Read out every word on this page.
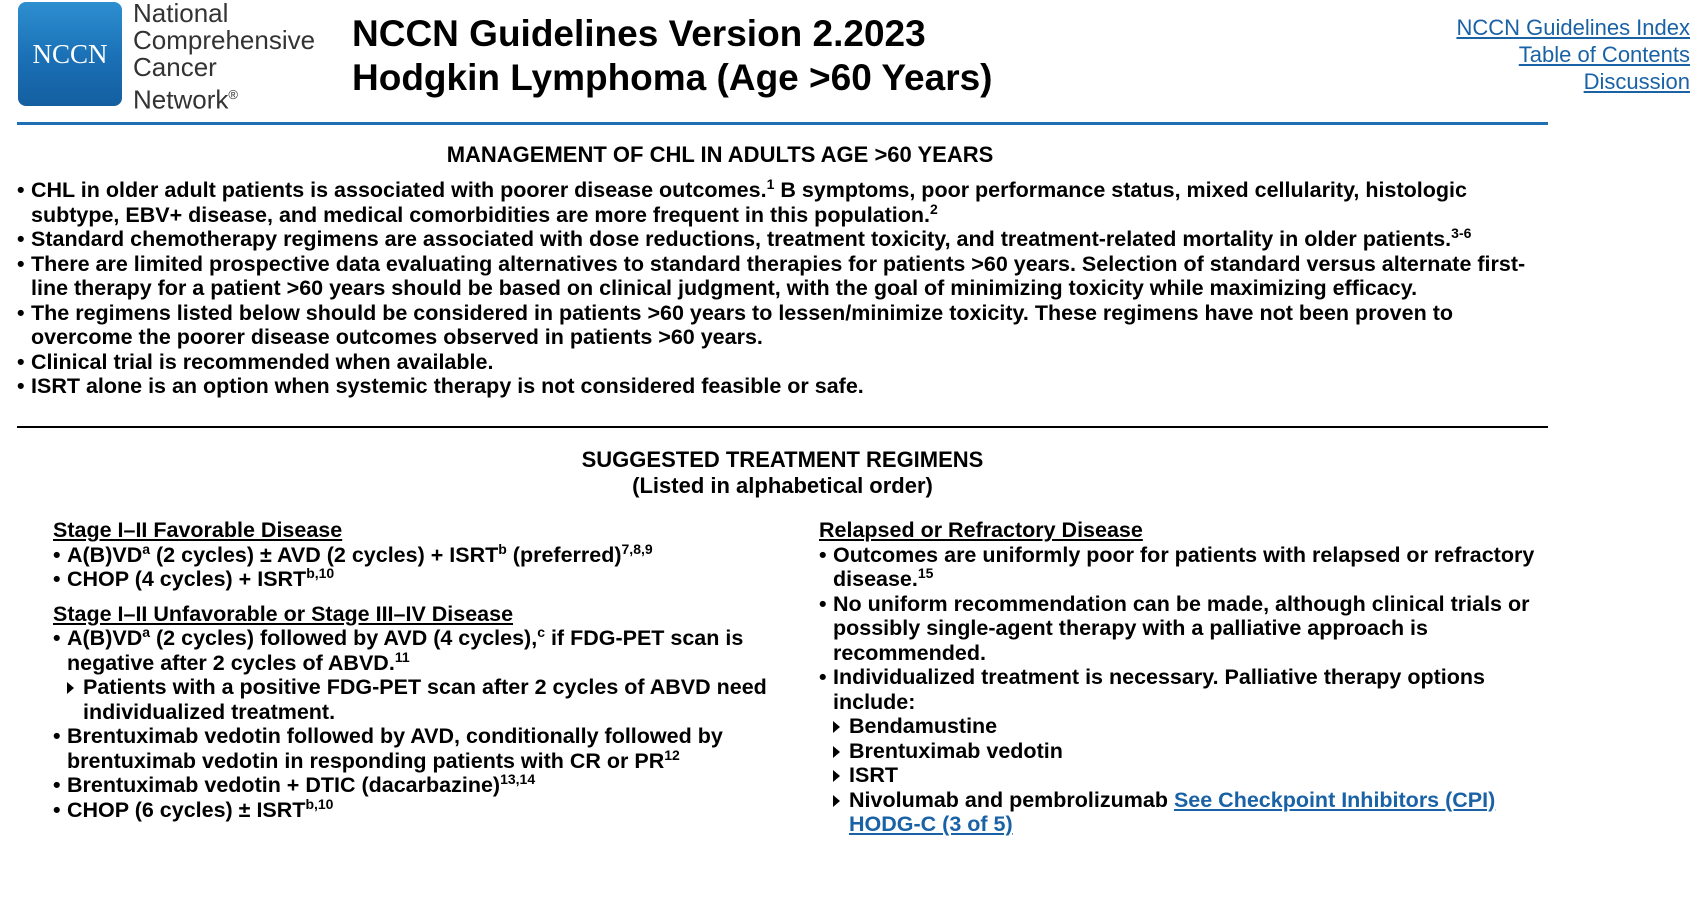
NCCN
National
Comprehensive
Cancer
Network®
NCCN Guidelines Version 2.2023
Hodgkin Lymphoma (Age >60 Years)
NCCN Guidelines Index
Table of Contents
Discussion
MANAGEMENT OF CHL IN ADULTS AGE >60 YEARS
• CHL in older adult patients is associated with poorer disease outcomes.$^1$ B symptoms, poor performance status, mixed cellularity, histologic subtype, EBV+ disease, and medical comorbidities are more frequent in this population.$^2$
• Standard chemotherapy regimens are associated with dose reductions, treatment toxicity, and treatment-related mortality in older patients.$^{3-6}$
• There are limited prospective data evaluating alternatives to standard therapies for patients >60 years. Selection of standard versus alternate first-line therapy for a patient >60 years should be based on clinical judgment, with the goal of minimizing toxicity while maximizing efficacy.
• The regimens listed below should be considered in patients >60 years to lessen/minimize toxicity. These regimens have not been proven to overcome the poorer disease outcomes observed in patients >60 years.
• Clinical trial is recommended when available.
• ISRT alone is an option when systemic therapy is not considered feasible or safe.
SUGGESTED TREATMENT REGIMENS
(Listed in alphabetical order)
Stage I–II Favorable Disease
• $A(B)VD^a$ (2 cycles) ± AVD (2 cycles) + $ISRT^b$ (preferred)$^{7,8,9}$
• CHOP (4 cycles) + ISRT$^{b,10}$
Stage I–II Unfavorable or Stage III–IV Disease
• $A(B)VD^a$ (2 cycles) followed by AVD (4 cycles),$^c$ if FDG-PET scan is negative after 2 cycles of ABVD.$^{11}$
Patients with a positive FDG-PET scan after 2 cycles of ABVD need individualized treatment.
• Brentuximab vedotin followed by AVD, conditionally followed by brentuximab vedotin in responding patients with CR or PR$^{12}$
• Brentuximab vedotin + DTIC (dacarbazine)$^{13,14}$
• CHOP (6 cycles) ± ISRT$^{b,10}$
Relapsed or Refractory Disease
• Outcomes are uniformly poor for patients with relapsed or refractory disease.$^{15}$
• No uniform recommendation can be made, although clinical trials or possibly single-agent therapy with a palliative approach is recommended.
• Individualized treatment is necessary. Palliative therapy options include:
Bendamustine
Brentuximab vedotin
ISRT
Nivolumab and pembrolizumab See Checkpoint Inhibitors (CPI) HODG-C (3 of 5)
